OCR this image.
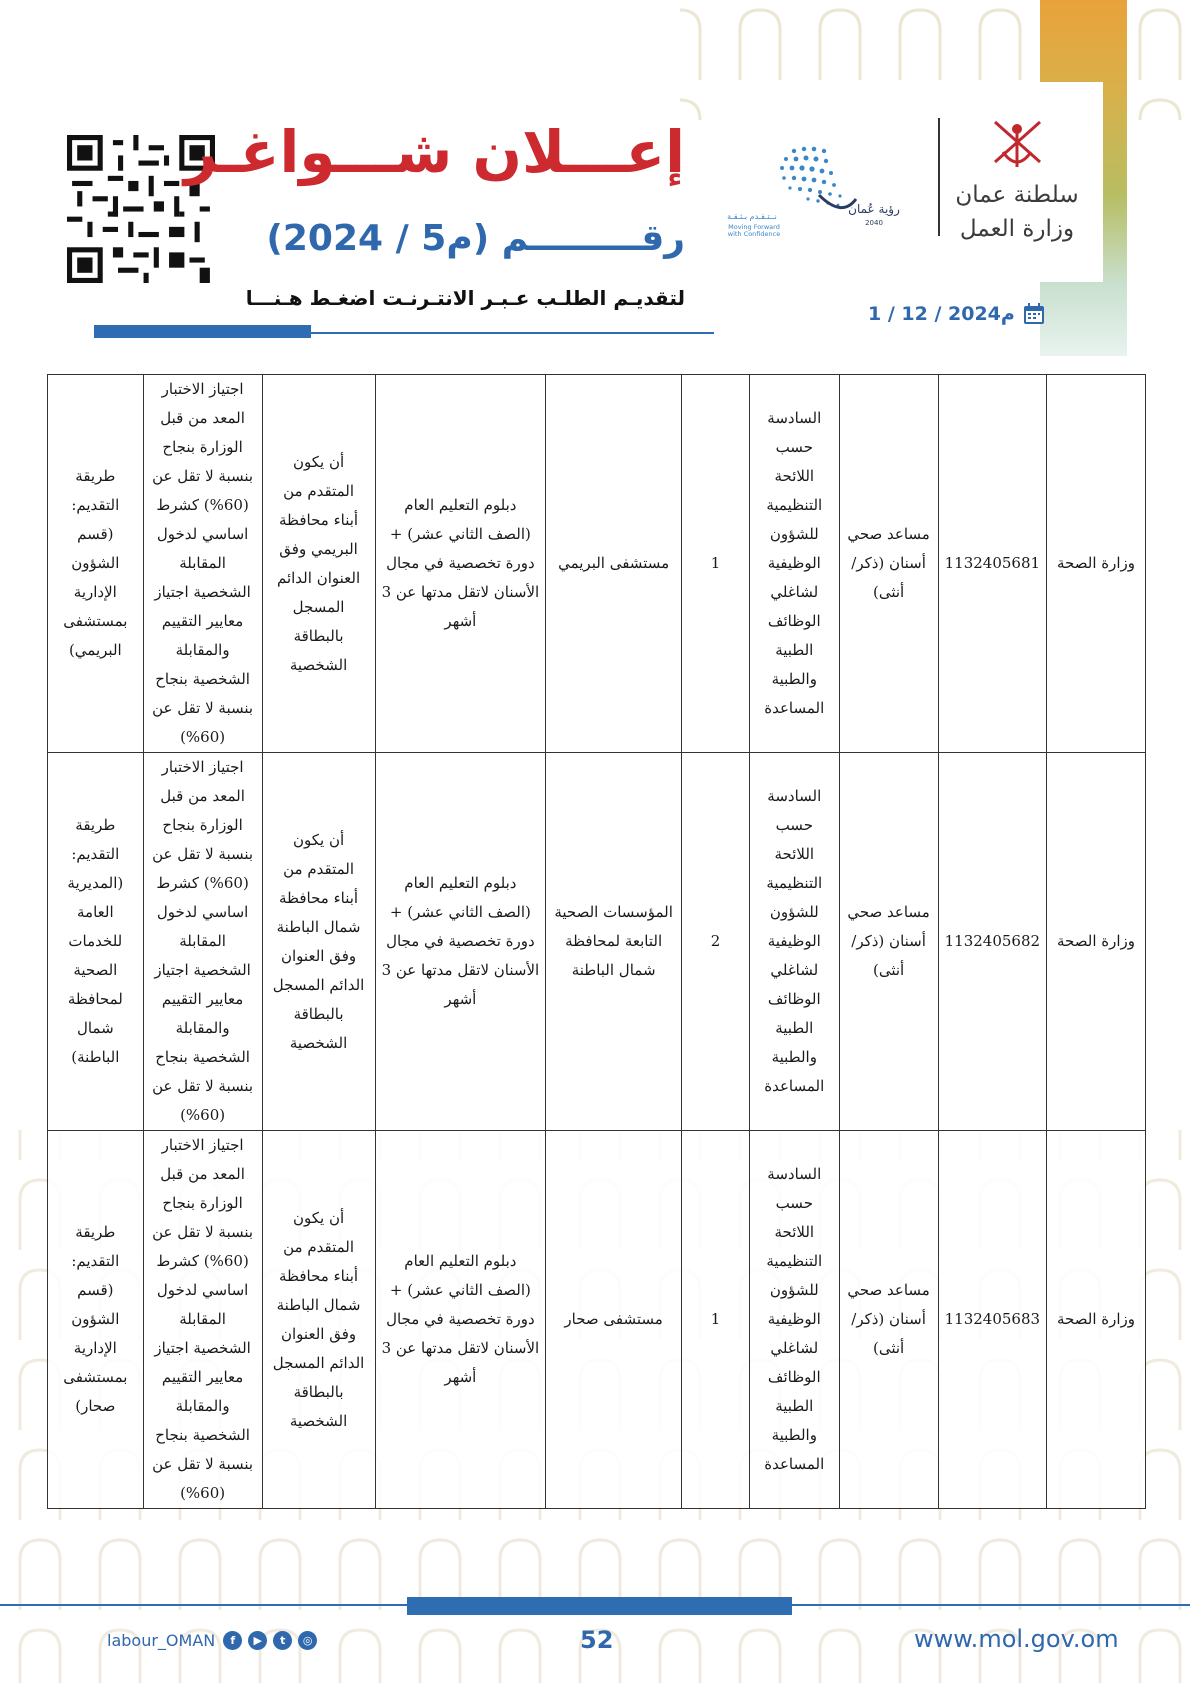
إعـــلان شـــواغـر
رقـــــــــم (م5 / 2024)
لتقديـم الطلـب عـبـر الانتـرنـت اضغـط هـنـــا
1 / 12 / 2024م
رؤية عُمان
2040
نــتـقـدم بـثـقـة
Moving Forward
with Confidence
سلطنة عمان
وزارة العمل
وزارة الصحة	1132405681	مساعد صحي أسنان (ذكر/ أنثى)	السادسة حسب اللائحة التنظيمية للشؤون الوظيفية لشاغلي الوظائف الطبية والطبية المساعدة	1	مستشفى البريمي	دبلوم التعليم العام (الصف الثاني عشر) + دورة تخصصية في مجال الأسنان لاتقل مدتها عن 3 أشهر	أن يكون المتقدم من أبناء محافظة البريمي وفق العنوان الدائم المسجل بالبطاقة الشخصية	اجتياز الاختبار المعد من قبل الوزارة بنجاح بنسبة لا تقل عن (60%) كشرط اساسي لدخول المقابلة الشخصية اجتياز معايير التقييم والمقابلة الشخصية بنجاح بنسبة لا تقل عن (60%)	طريقة التقديم: (قسم الشؤون الإدارية بمستشفى البريمي)
وزارة الصحة	1132405682	مساعد صحي أسنان (ذكر/ أنثى)	السادسة حسب اللائحة التنظيمية للشؤون الوظيفية لشاغلي الوظائف الطبية والطبية المساعدة	2	المؤسسات الصحية التابعة لمحافظة شمال الباطنة	دبلوم التعليم العام (الصف الثاني عشر) + دورة تخصصية في مجال الأسنان لاتقل مدتها عن 3 أشهر	أن يكون المتقدم من أبناء محافظة شمال الباطنة وفق العنوان الدائم المسجل بالبطاقة الشخصية	اجتياز الاختبار المعد من قبل الوزارة بنجاح بنسبة لا تقل عن (60%) كشرط اساسي لدخول المقابلة الشخصية اجتياز معايير التقييم والمقابلة الشخصية بنجاح بنسبة لا تقل عن (60%)	طريقة التقديم: (المديرية العامة للخدمات الصحية لمحافظة شمال الباطنة)
وزارة الصحة	1132405683	مساعد صحي أسنان (ذكر/ أنثى)	السادسة حسب اللائحة التنظيمية للشؤون الوظيفية لشاغلي الوظائف الطبية والطبية المساعدة	1	مستشفى صحار	دبلوم التعليم العام (الصف الثاني عشر) + دورة تخصصية في مجال الأسنان لاتقل مدتها عن 3 أشهر	أن يكون المتقدم من أبناء محافظة شمال الباطنة وفق العنوان الدائم المسجل بالبطاقة الشخصية	اجتياز الاختبار المعد من قبل الوزارة بنجاح بنسبة لا تقل عن (60%) كشرط اساسي لدخول المقابلة الشخصية اجتياز معايير التقييم والمقابلة الشخصية بنجاح بنسبة لا تقل عن (60%)	طريقة التقديم: (قسم الشؤون الإدارية بمستشفى صحار)
52	www.mol.gov.om
labour_OMAN	f	▶	t	◎
